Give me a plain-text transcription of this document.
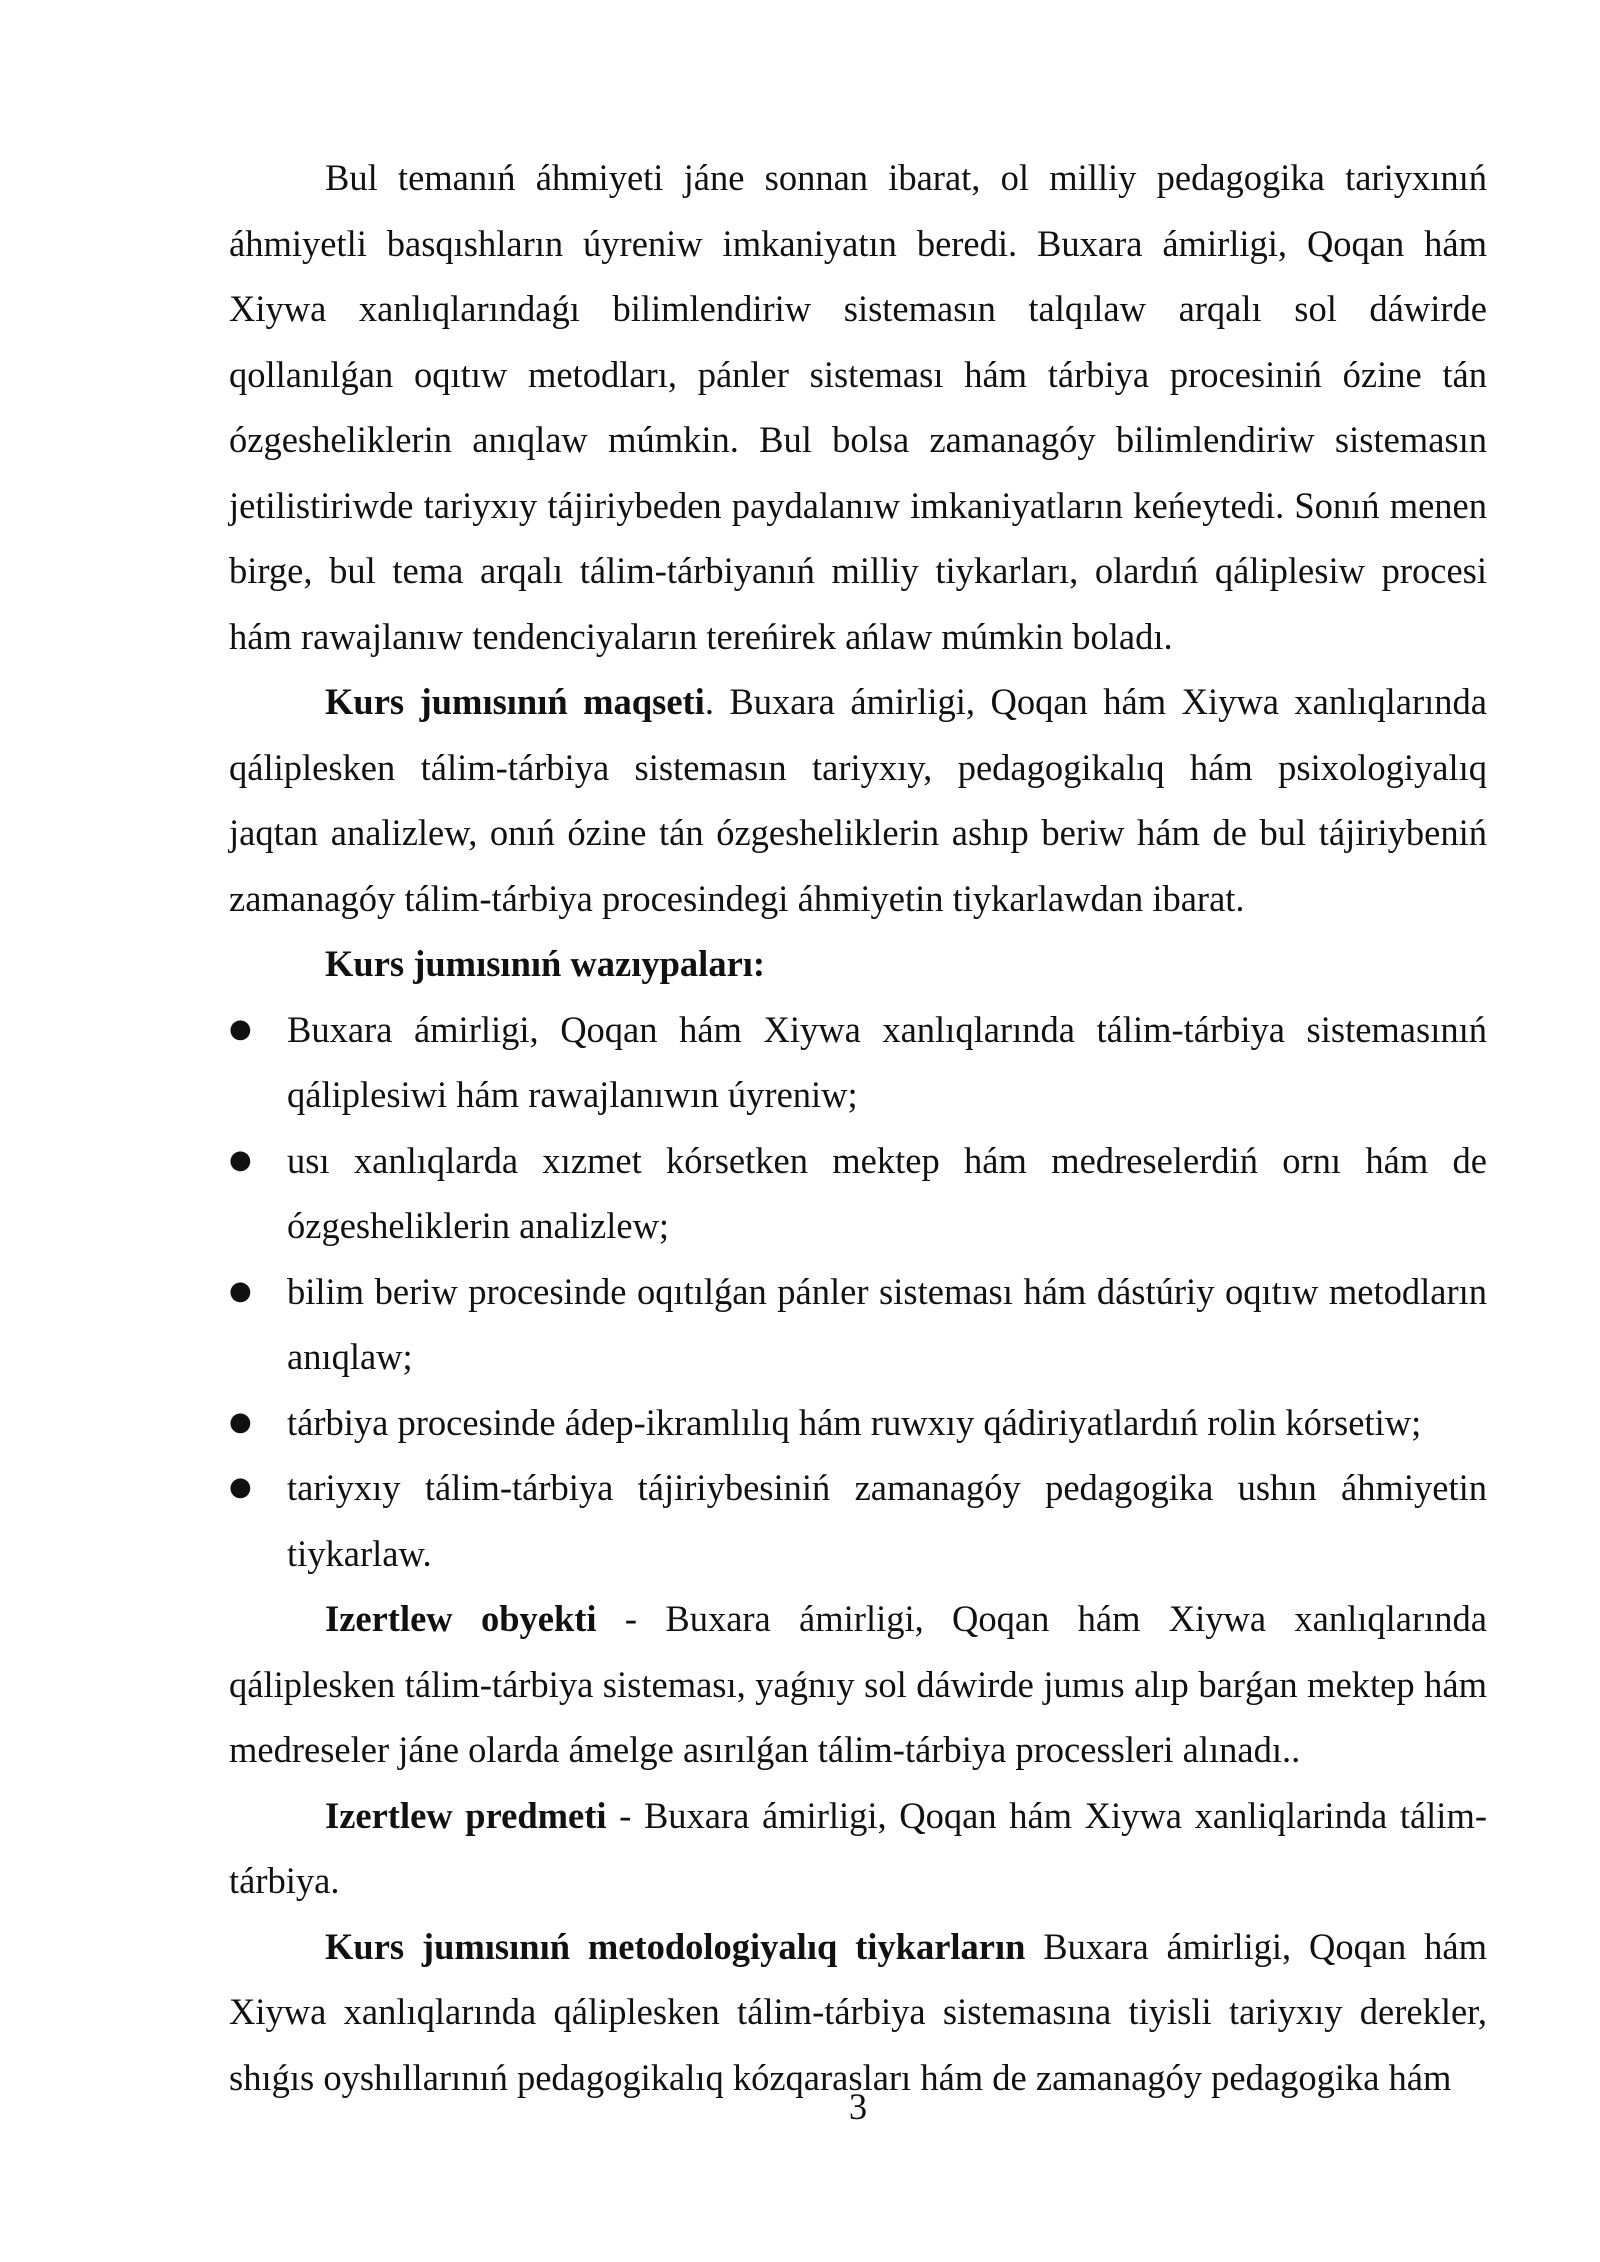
Bul temanıń áhmiyeti jáne sonnan ibarat, ol milliy pedagogika tariyxınıń áhmiyetli basqıshların úyreniw imkaniyatın beredi. Buxara ámirligi, Qoqan hám Xiywa xanlıqlarındaǵı bilimlendiriw sistemasın talqılaw arqalı sol dáwirde qollanılǵan oqıtıw metodları, pánler sisteması hám tárbiya procesiniń ózine tán ózgesheliklerin anıqlaw múmkin. Bul bolsa zamanagóy bilimlendiriw sistemasın jetilistiriwde tariyxıy tájiriybeden paydalanıw imkaniyatların keńeytedi. Sonıń menen birge, bul tema arqalı tálim-tárbiyanıń milliy tiykarları, olardıń qáliplesiw procesi hám rawajlanıw tendenciyaların tereńirek ańlaw múmkin boladı.

Kurs jumısınıń maqseti. Buxara ámirligi, Qoqan hám Xiywa xanlıqlarında qáliplesken tálim-tárbiya sistemasın tariyxıy, pedagogikalıq hám psixologiyalıq jaqtan analizlew, onıń ózine tán ózgesheliklerin ashıp beriw hám de bul tájiriybeniń zamanagóy tálim-tárbiya procesindegi áhmiyetin tiykarlawdan ibarat.

Kurs jumısınıń wazıypaları:

● Buxara ámirligi, Qoqan hám Xiywa xanlıqlarında tálim-tárbiya sistemasınıń qáliplesiwi hám rawajlanıwın úyreniw;
● usı xanlıqlarda xızmet kórsetken mektep hám medreselerdiń ornı hám de ózgesheliklerin analizlew;
● bilim beriw procesinde oqıtılǵan pánler sisteması hám dástúriy oqıtıw metodların anıqlaw;
● tárbiya procesinde ádep-ikramlılıq hám ruwxıy qádiriyatlardıń rolin kórsetiw;
● tariyxıy tálim-tárbiya tájiriybesiniń zamanagóy pedagogika ushın áhmiyetin tiykarlaw.

Izertlew obyekti - Buxara ámirligi, Qoqan hám Xiywa xanlıqlarında qáliplesken tálim-tárbiya sisteması, yaǵnıy sol dáwirde jumıs alıp barǵan mektep hám medreseler jáne olarda ámelge asırılǵan tálim-tárbiya processleri alınadı..

Izertlew predmeti - Buxara ámirligi, Qoqan hám Xiywa xanliqlarinda tálim-tárbiya.

Kurs jumısınıń metodologiyalıq tiykarların Buxara ámirligi, Qoqan hám Xiywa xanlıqlarında qáliplesken tálim-tárbiya sistemasına tiyisli tariyxıy derekler, shıǵıs oyshıllarınıń pedagogikalıq kózqarasları hám de zamanagóy pedagogika hám

3
